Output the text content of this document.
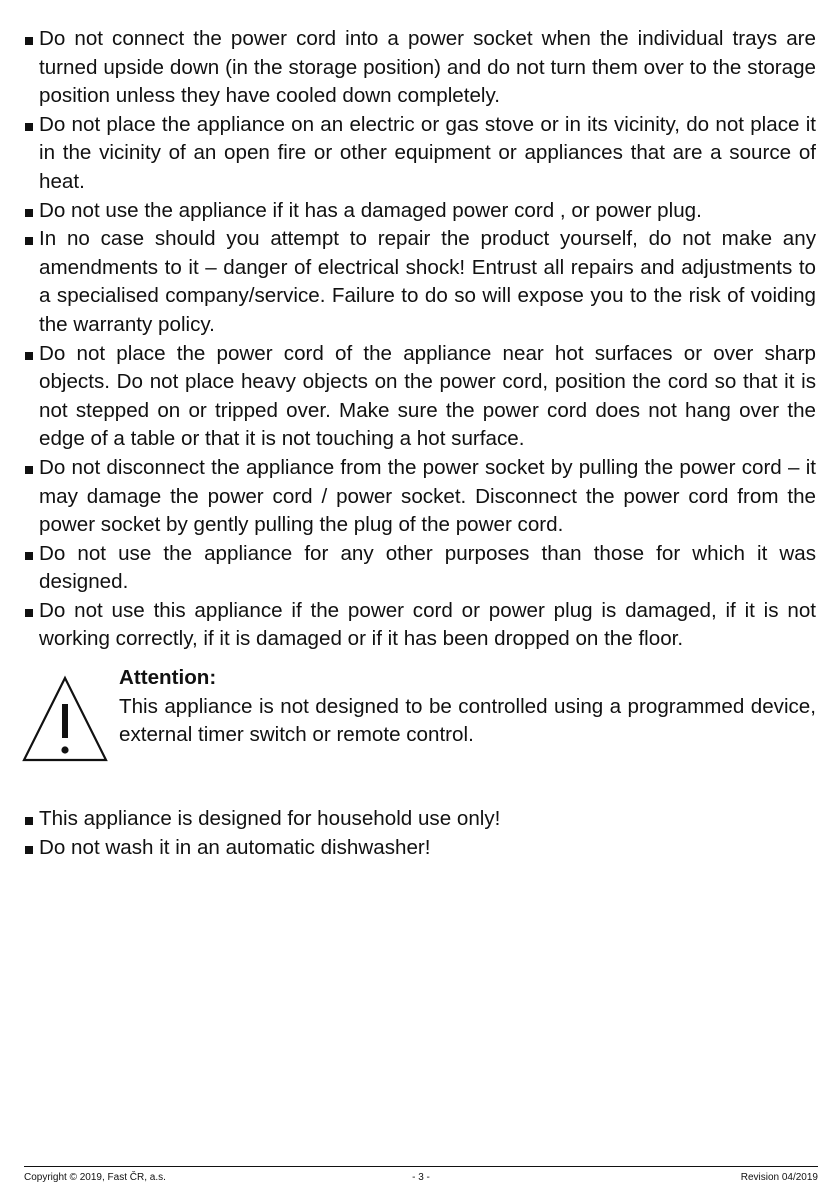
Do not connect the power cord into a power socket when the individual trays are turned upside down (in the storage position) and do not turn them over to the storage position unless they have cooled down completely.
Do not place the appliance on an electric or gas stove or in its vicinity, do not place it in the vicinity of an open fire or other equipment or appliances that are a source of heat.
Do not use the appliance if it has a damaged power cord , or power plug.
In no case should you attempt to repair the product yourself, do not make any amendments to it – danger of electrical shock! Entrust all repairs and adjustments to a specialised company/service. Failure to do so will expose you to the risk of voiding the warranty policy.
Do not place the power cord of the appliance near hot surfaces or over sharp objects. Do not place heavy objects on the power cord, position the cord so that it is not stepped on or tripped over. Make sure the power cord does not hang over the edge of a table or that it is not touching a hot surface.
Do not disconnect the appliance from the power socket by pulling the power cord – it may damage the power cord / power socket. Disconnect the power cord from the power socket by gently pulling the plug of the power cord.
Do not use the appliance for any other purposes than those for which it was designed.
Do not use this appliance if the power cord or power plug is damaged, if it is not working correctly, if it is damaged or if it has been dropped on the floor.
Attention:
This appliance is not designed to be controlled using a programmed device, external timer switch or remote control.
This appliance is designed for household use only!
Do not wash it in an automatic dishwasher!
Copyright © 2019, Fast ČR, a.s.	- 3 -	Revision 04/2019
